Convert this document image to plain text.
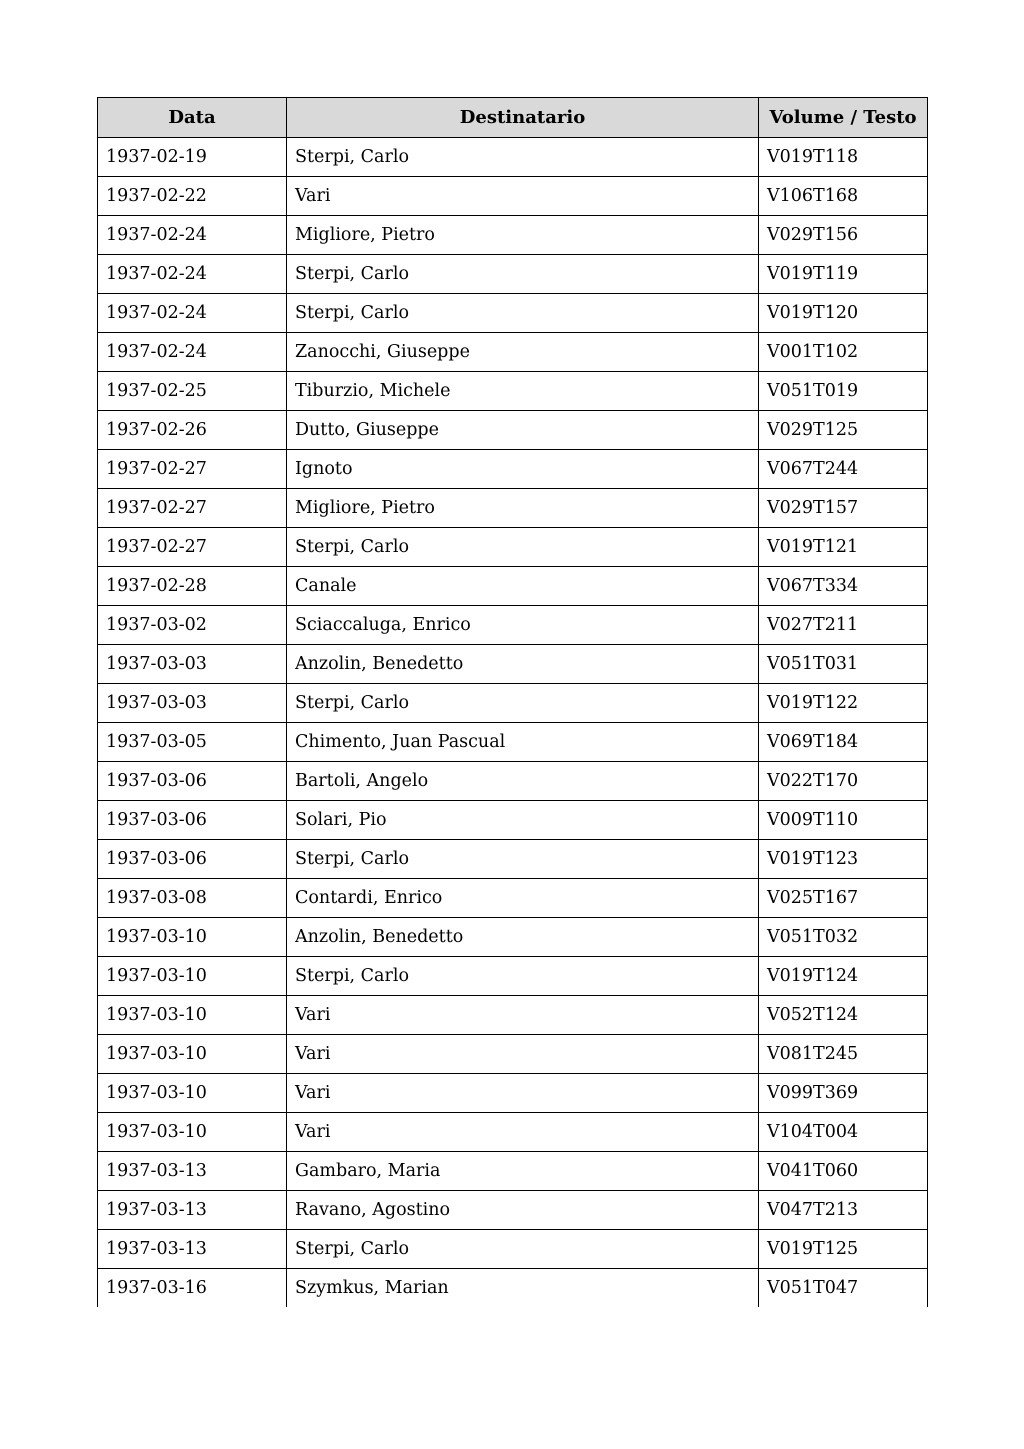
Data	Destinatario	Volume / Testo
1937-02-19	Sterpi, Carlo	V019T118
1937-02-22	Vari	V106T168
1937-02-24	Migliore, Pietro	V029T156
1937-02-24	Sterpi, Carlo	V019T119
1937-02-24	Sterpi, Carlo	V019T120
1937-02-24	Zanocchi, Giuseppe	V001T102
1937-02-25	Tiburzio, Michele	V051T019
1937-02-26	Dutto, Giuseppe	V029T125
1937-02-27	Ignoto	V067T244
1937-02-27	Migliore, Pietro	V029T157
1937-02-27	Sterpi, Carlo	V019T121
1937-02-28	Canale	V067T334
1937-03-02	Sciaccaluga, Enrico	V027T211
1937-03-03	Anzolin, Benedetto	V051T031
1937-03-03	Sterpi, Carlo	V019T122
1937-03-05	Chimento, Juan Pascual	V069T184
1937-03-06	Bartoli, Angelo	V022T170
1937-03-06	Solari, Pio	V009T110
1937-03-06	Sterpi, Carlo	V019T123
1937-03-08	Contardi, Enrico	V025T167
1937-03-10	Anzolin, Benedetto	V051T032
1937-03-10	Sterpi, Carlo	V019T124
1937-03-10	Vari	V052T124
1937-03-10	Vari	V081T245
1937-03-10	Vari	V099T369
1937-03-10	Vari	V104T004
1937-03-13	Gambaro, Maria	V041T060
1937-03-13	Ravano, Agostino	V047T213
1937-03-13	Sterpi, Carlo	V019T125
1937-03-16	Szymkus, Marian	V051T047
